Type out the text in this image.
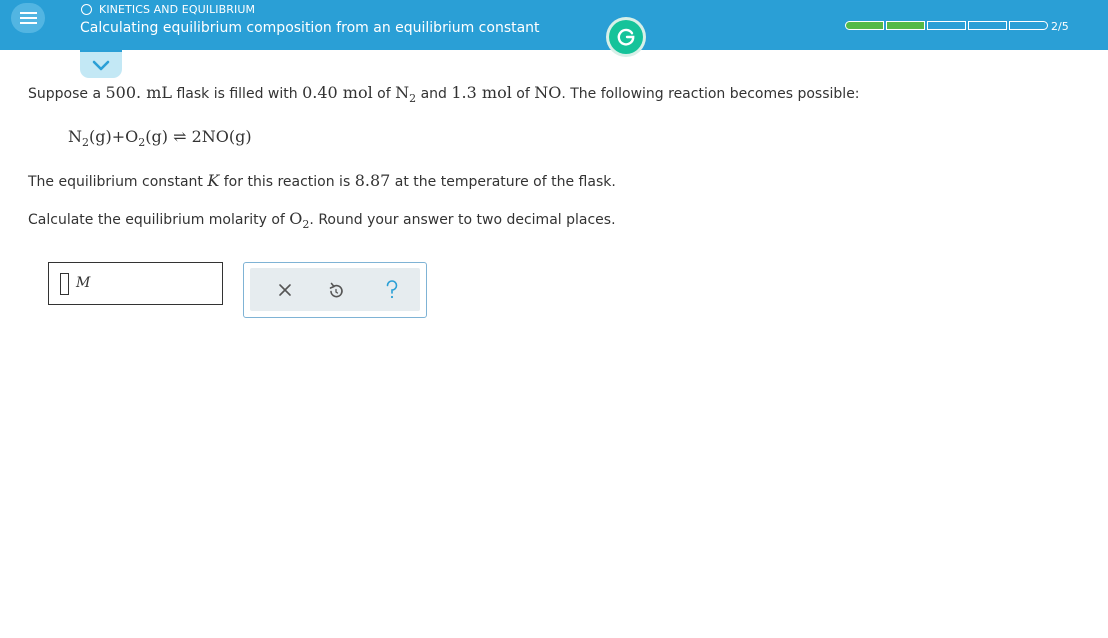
KINETICS AND EQUILIBRIUM
Calculating equilibrium composition from an equilibrium constant	2/5
Suppose a 500. mL flask is filled with 0.40 mol of $N_2$ and 1.3 mol of NO. The following reaction becomes possible:
$N_2(g)+O_2(g)$ ⇌ 2NO(g)
The equilibrium constant K for this reaction is 8.87 at the temperature of the flask.
Calculate the equilibrium molarity of $O_2$. Round your answer to two decimal places.
M
